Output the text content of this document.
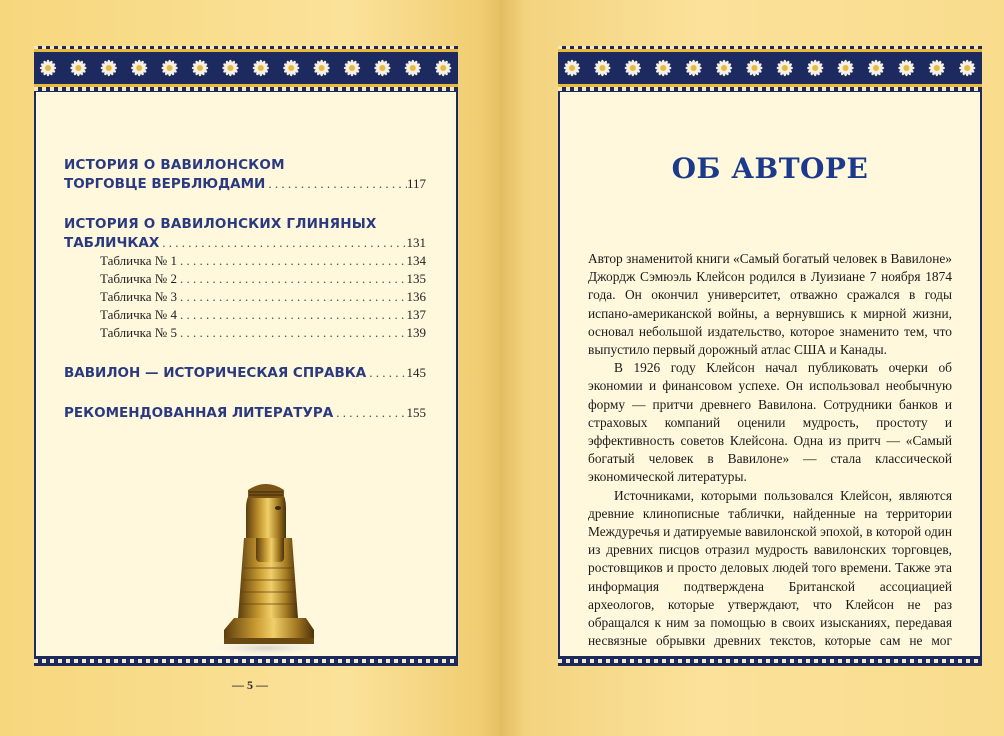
ИСТОРИЯ О ВАВИЛОНСКОМ
ТОРГОВЦЕ ВЕРБЛЮДАМИ . . .	117
ИСТОРИЯ О ВАВИЛОНСКИХ ГЛИНЯНЫХ
ТАБЛИЧКАХ . . .	131
Табличка № 1 . . .	134
Табличка № 2 . . .	135
Табличка № 3 . . .	136
Табличка № 4 . . .	137
Табличка № 5 . . .	139
ВАВИЛОН — ИСТОРИЧЕСКАЯ СПРАВКА . . .	145
РЕКОМЕНДОВАННАЯ ЛИТЕРАТУРА . . .	155
— 5 —
ОБ АВТОРЕ

Автор знаменитой книги «Самый богатый человек в Вавилоне» Джордж Сэмюэль Клейсон родился в Луизиане 7 ноября 1874 года. Он окончил университет, отважно сражался в годы испано-американской войны, а вернувшись к мирной жизни, основал небольшой издательство, которое знаменито тем, что выпустило первый дорожный атлас США и Канады.

В 1926 году Клейсон начал публиковать очерки об экономии и финансовом успехе. Он использовал необычную форму — притчи древнего Вавилона. Сотрудники банков и страховых компаний оценили мудрость, простоту и эффективность советов Клейсона. Одна из притч — «Самый богатый человек в Вавилоне» — стала классической экономической литературы.

Источниками, которыми пользовался Клейсон, являются древние клинописные таблички, найденные на территории Междуречья и датируемые вавилонской эпохой, в которой один из древних писцов отразил мудрость вавилонских торговцев, ростовщиков и просто деловых людей того времени. Также эта информация подтверждена Британской ассоциацией археологов, которые утверждают, что Клейсон не раз обращался к ним за помощью в своих изысканиях, передавая несвязные обрывки древних текстов, которые сам не мог
